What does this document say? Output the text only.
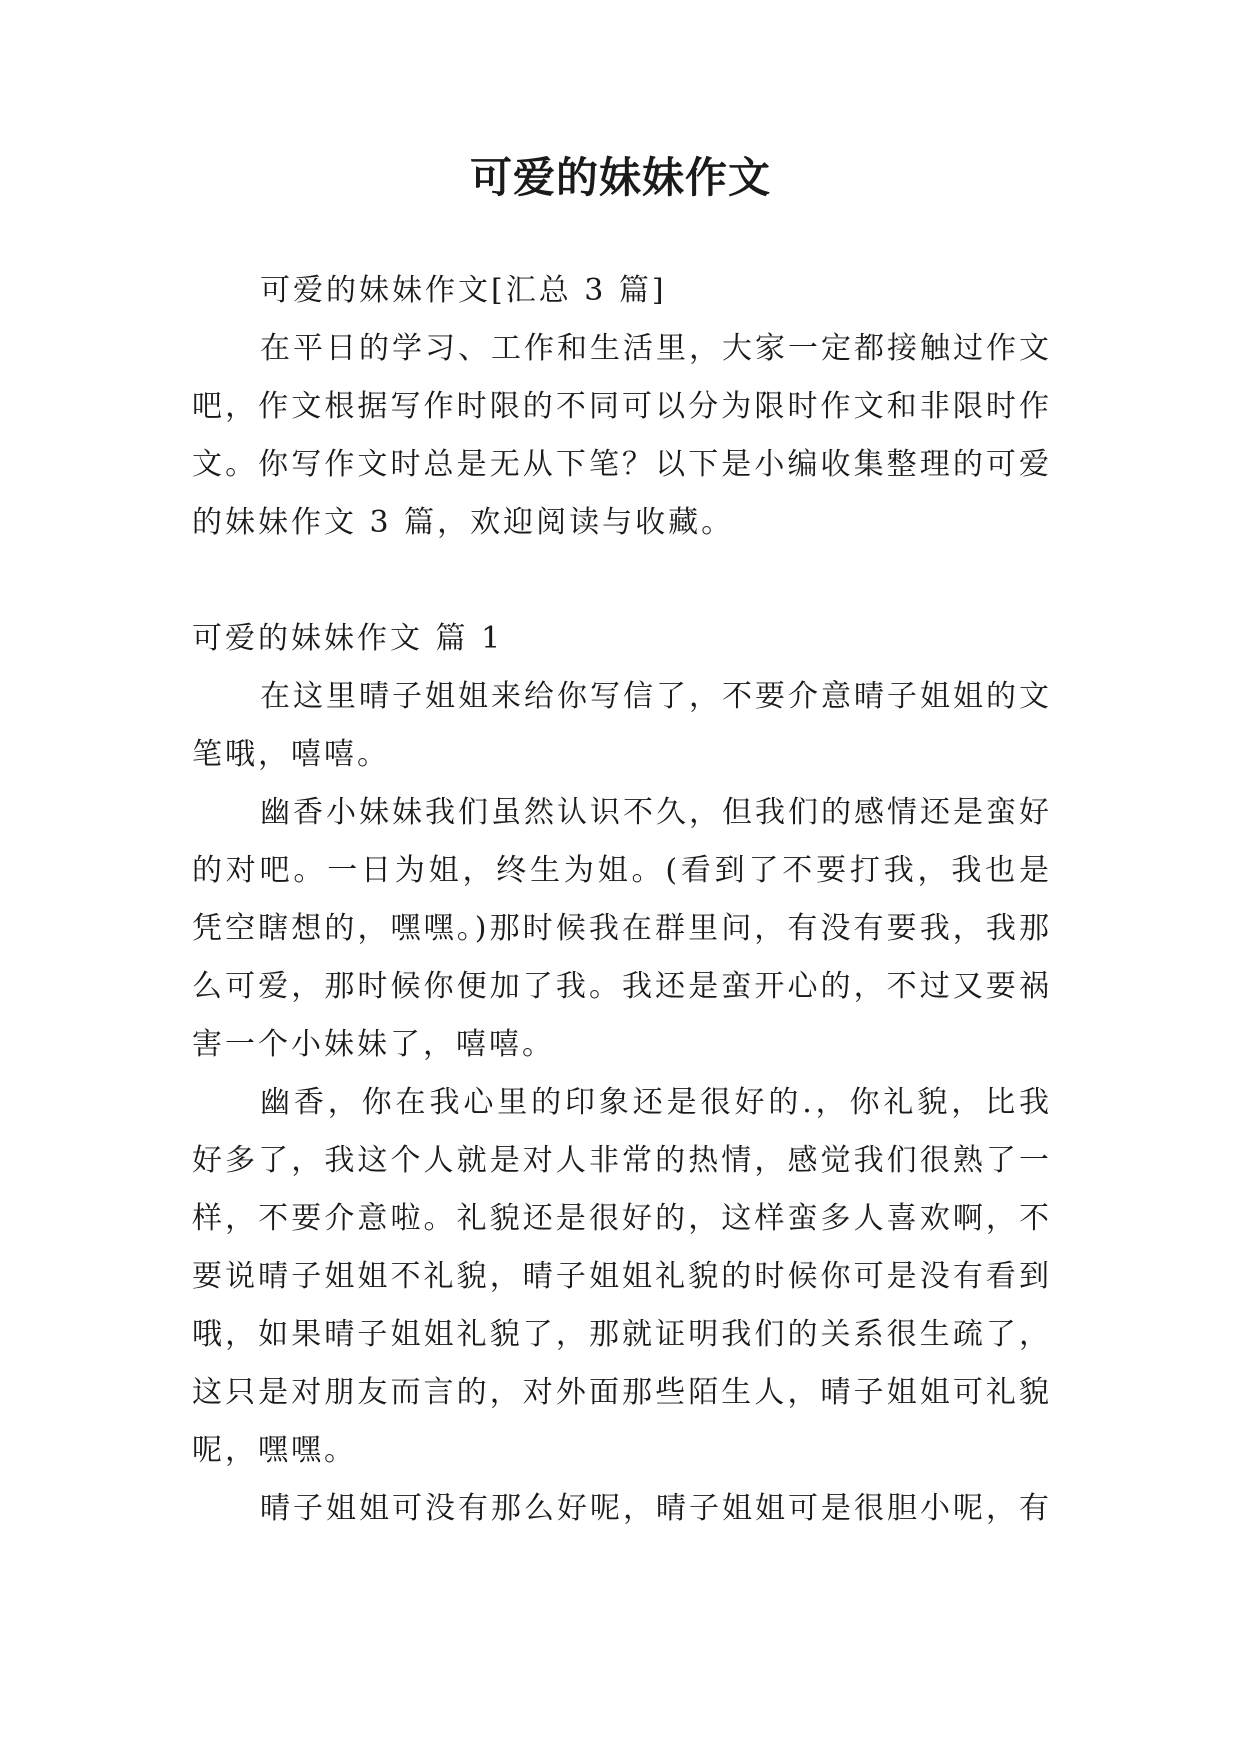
可爱的妹妹作文

可爱的妹妹作文[汇总 3 篇]

在平日的学习、工作和生活里，大家一定都接触过作文吧，作文根据写作时限的不同可以分为限时作文和非限时作文。你写作文时总是无从下笔？以下是小编收集整理的可爱的妹妹作文 3 篇，欢迎阅读与收藏。

可爱的妹妹作文 篇 1

在这里晴子姐姐来给你写信了，不要介意晴子姐姐的文笔哦，嘻嘻。

幽香小妹妹我们虽然认识不久，但我们的感情还是蛮好的对吧。一日为姐，终生为姐。(看到了不要打我，我也是凭空瞎想的，嘿嘿。)那时候我在群里问，有没有要我，我那么可爱，那时候你便加了我。我还是蛮开心的，不过又要祸害一个小妹妹了，嘻嘻。

幽香，你在我心里的印象还是很好的.，你礼貌，比我好多了，我这个人就是对人非常的热情，感觉我们很熟了一样，不要介意啦。礼貌还是很好的，这样蛮多人喜欢啊，不要说晴子姐姐不礼貌，晴子姐姐礼貌的时候你可是没有看到哦，如果晴子姐姐礼貌了，那就证明我们的关系很生疏了，这只是对朋友而言的，对外面那些陌生人，晴子姐姐可礼貌呢，嘿嘿。

晴子姐姐可没有那么好呢，晴子姐姐可是很胆小呢，有
